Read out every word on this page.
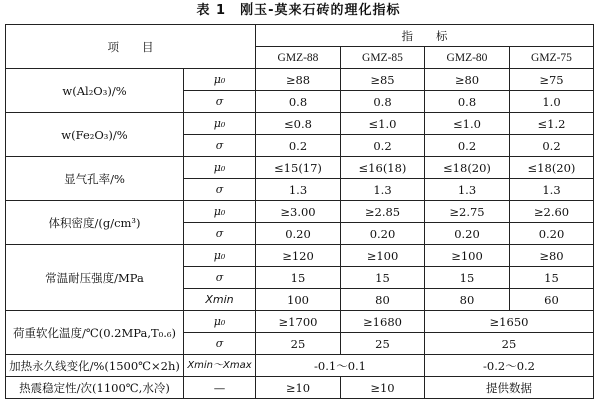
表 1　刚玉-莫来石砖的理化指标
项　　目		指　　标			
		GMZ-88	GMZ-85	GMZ-80	GMZ-75
w(Al₂O₃)/%	μ₀	≥88	≥85	≥80	≥75
	σ	0.8	0.8	0.8	1.0
w(Fe₂O₃)/%	μ₀	≤0.8	≤1.0	≤1.0	≤1.2
	σ	0.2	0.2	0.2	0.2
显气孔率/%	μ₀	≤15(17)	≤16(18)	≤18(20)	≤18(20)
	σ	1.3	1.3	1.3	1.3
体积密度/(g/cm³)	μ₀	≥3.00	≥2.85	≥2.75	≥2.60
	σ	0.20	0.20	0.20	0.20
常温耐压强度/MPa	μ₀	≥120	≥100	≥100	≥80
	σ	15	15	15	15
	Xmin	100	80	80	60
荷重软化温度/℃(0.2MPa,T₀.₆)	μ₀	≥1700	≥1680	≥1650	
	σ	25	25	25	
加热永久线变化/%(1500℃×2h)	Xmin～Xmax	-0.1～0.1		-0.2～0.2	
热震稳定性/次(1100℃,水冷)	—	≥10	≥10	提供数据	
